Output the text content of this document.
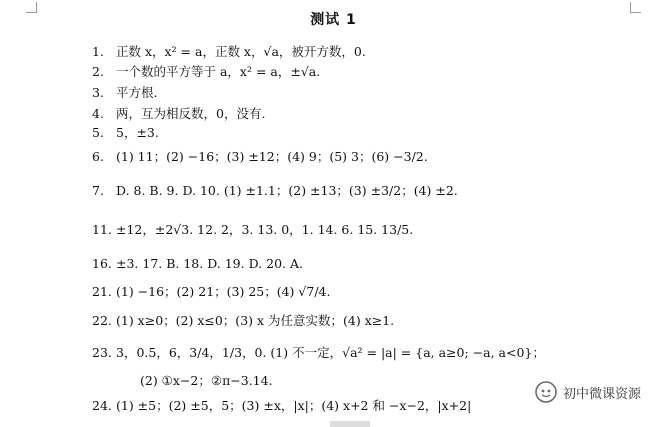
测试 1
1. 正数 x，x² = a，正数 x，√a，被开方数，0.
2. 一个数的平方等于 a，x² = a，±√a.
3. 平方根.
4. 两，互为相反数，0，没有.
5. 5，±3.
6. (1) 11；(2) −16；(3) ±12；(4) 9；(5) 3；(6) −3/2.
7. D. 8. B. 9. D. 10. (1) ±1.1；(2) ±13；(3) ±3/2；(4) ±2.
11. ±12，±2√3. 12. 2，3. 13. 0，1. 14. 6. 15. 13/5.
16. ±3. 17. B. 18. D. 19. D. 20. A.
21. (1) −16；(2) 21；(3) 25；(4) √7/4.
22. (1) x≥0；(2) x≤0；(3) x 为任意实数；(4) x≥1.
23. 3，0.5，6，3/4，1/3，0. (1) 不一定，√a² = |a| = {a, a≥0; −a, a<0}；
(2) ①x−2；②π−3.14.
24. (1) ±5；(2) ±5，5；(3) ±x，|x|；(4) x+2 和 −x−2，|x+2|
初中微课资源
